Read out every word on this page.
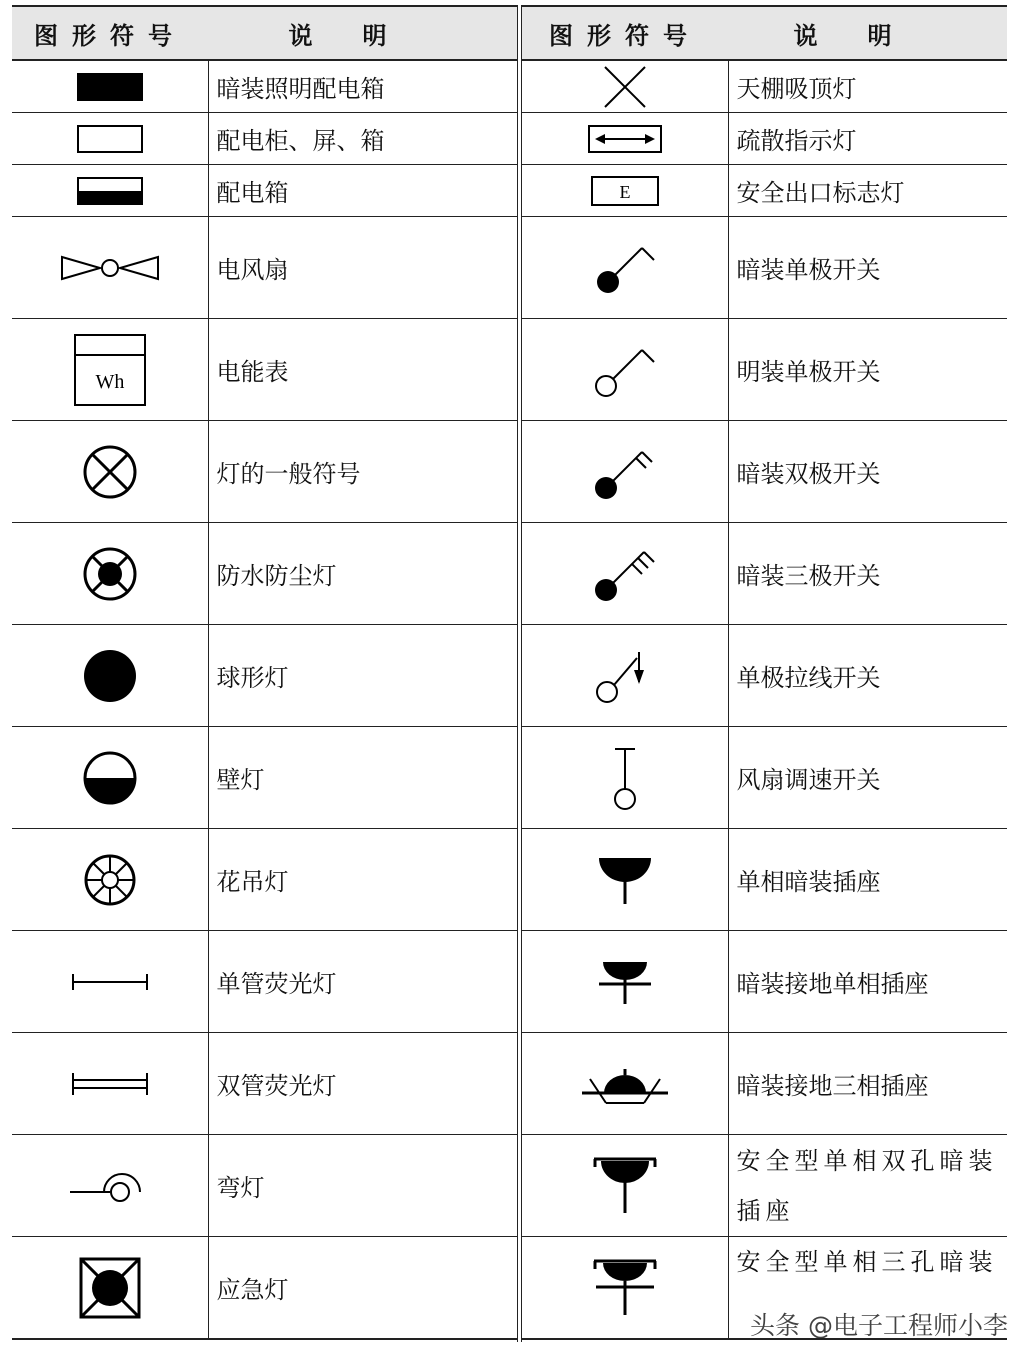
图形符号	说明
	暗装照明配电箱
	配电柜、屏、箱
	配电箱
	电风扇

Wh	电能表
	灯的一般符号
	防水防尘灯
	球形灯
	壁灯
	花吊灯
	单管荧光灯
	双管荧光灯
	弯灯
	应急灯
图形符号	说明
	天棚吸顶灯
	疏散指示灯

E	安全出口标志灯
	暗装单极开关
	明装单极开关
	暗装双极开关
	暗装三极开关
	单极拉线开关
	风扇调速开关
	单相暗装插座
	暗装接地单相插座
	暗装接地三相插座
	安全型单相双孔暗装插座
	安全型单相三孔暗装
头条 @电子工程师小李
